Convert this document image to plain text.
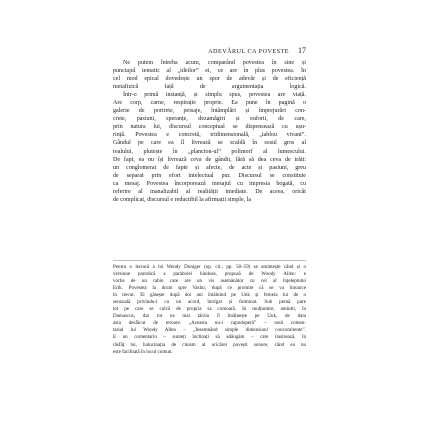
ADEVĂRUL CA POVESTE 17
Ne putem întreba acum, comparând povestea în sine și
punctajul tematic al „ideilor” ei, ce are în plus povestea. În
cel mod epical dovedește un spor de adevăr și de eficiență
metafizică față de argumentația logică.
Într-o primă instanță, și simplu spus, povestea are viață.
Are corp, carne, respirație proprie. Ea pune în pagină o
galerie de portrete, peisaje, întâmplări și împrejurări con-
crete, pasiuni, speranțe, dezamăgiri și euforii, de care,
prin natura lui, discursul conceptual se dispensează cu ușu-
rință. Povestea e concretă, tridimensională, „tablou vivant”.
Gândul pe care ea îl livrează se scaldă în sosul gros al
realului, plutește în „plancton-ul” polimorf al lumescului.
De fapt, ea nu își livrează ceva de gândit, fără să dea ceva de trăit:
un conglomerat de fapte și afecte, de acte și pasiuni, greu
de separat prin efort intelectual pur. Discursul se constituie
ca mesaj. Povestea încorporează mesajul cu impresia bogată, cu
referire al inanalizabil al realității imediate. De aceea, oricât
de complicat, discursul e reductibil la afirmații simple, la
Pentru o lectură a lui Wendy Doniger (op. cit., pp. 58–59) se amintește când și o
versiune parodică a parabolei hinduse, propusă de Woody Allen: e
vorba de un rabin care are un vis asemănător cu cel al înțeleptului
Erik. Povestea la drum spre Vaslui, după ce promite că se va întoarce
în trecut. El găsește după doi ani întâlnind pe Unk și femeia lui de o
senzuală privindu-l cu un acord, întrigat și fulminat. Sub pernă pare
tot pe care se culcă de propria sa comoară. În mulțumire, amintit, în
Damascus, dar tot ea mai târziu îl întâlnește pe Unk, de data
asta desfăcut de teroare. „Aceasta nu-i capodoperă” – notă comen-
tarial lui Woody Allen – „Însemnând simple dimensiuni concomitente”.
E un comentariu – sunteți înclinați să adăugăm – care ilustrează, în
răsfăț lui, halucinația de cinism al oricărei povești sonore, când ea nu
este facilitată în locul comun.
